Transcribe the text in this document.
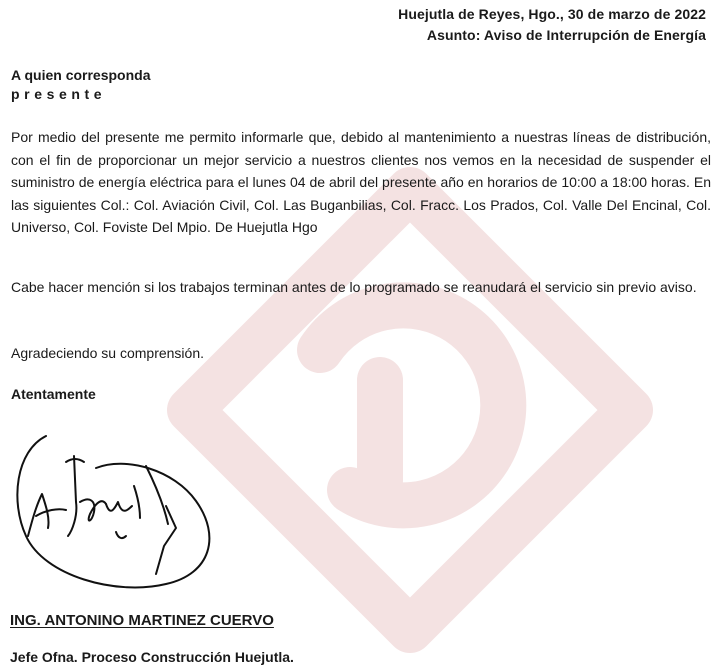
Huejutla de Reyes, Hgo., 30 de marzo de 2022
Asunto: Aviso de Interrupción de Energía
A quien corresponda
presente

Por medio del presente me permito informarle que, debido al mantenimiento a nuestras líneas de distribución, con el fin de proporcionar un mejor servicio a nuestros clientes nos vemos en la necesidad de suspender el suministro de energía eléctrica para el lunes 04 de abril del presente año en horarios de 10:00 a 18:00 horas. En las siguientes Col.: Col. Aviación Civil, Col. Las Buganbilias, Col. Fracc. Los Prados, Col. Valle Del Encinal, Col. Universo, Col. Foviste Del Mpio. De Huejutla Hgo

Cabe hacer mención si los trabajos terminan antes de lo programado se reanudará el servicio sin previo aviso.

Agradeciendo su comprensión.

Atentamente
ING. ANTONINO MARTINEZ CUERVO
Jefe Ofna. Proceso Construcción Huejutla.
